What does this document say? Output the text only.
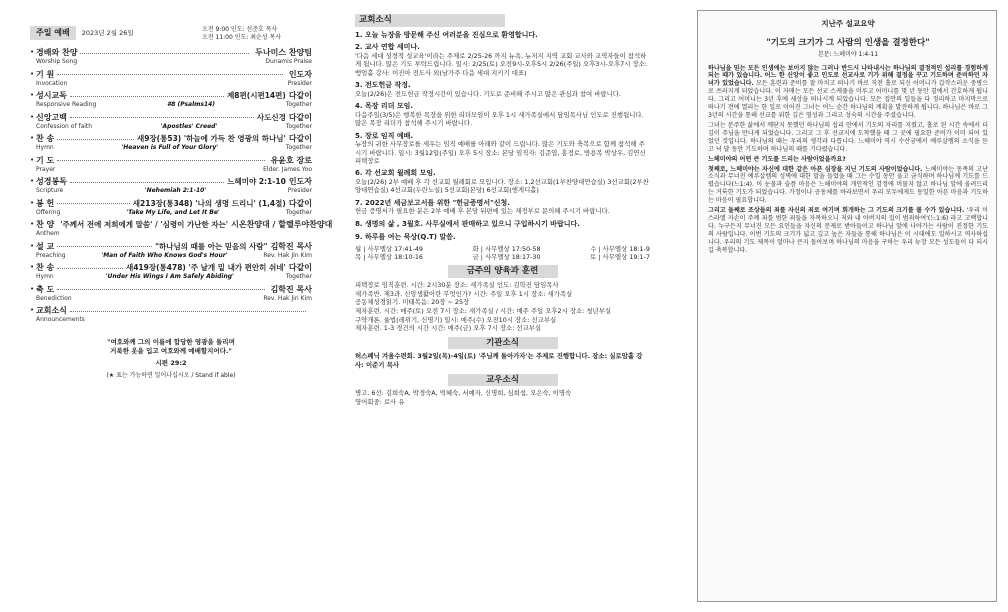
주일 예배	2023년 2월 26일	오전 9:00 인도: 선준호 목사
오전 11:00 인도: 최순성 목사
• 경배와 찬양	두나미스 찬양팀
Worship Song	Dunamis Praise
• 기 원	인도자
Invocation	Presider
• 성시교독	제8편(시편14편) 다같이
Responsive Reading	#8 (Psalms14)	Together
• 신앙고백	사도신경 다같이
Confession of faith	'Apostles' Creed'	Together
• 찬 송	새9장(통53) '하늘에 가득 찬 영광의 하나님' 다같이
Hymn	'Heaven is Full of Your Glory'	Together
• 기 도	유윤호 장로
Prayer	Elder. James Yoo
• 성경봉독	느헤미야 2:1-10 인도자
Scripture	'Nehemiah 2:1-10'	Presider
• 봉 헌	새213장(통348) '나의 생명 드리니' (1,4절) 다같이
Offering	'Take My Life, and Let It Be'	Together
• 찬 양 '주께서 전에 저희에게 말씀' / '심령이 가난한 자는' 시온찬양대 / 할렐루야찬양대
Anthem
• 설 교	"하나님의 때를 아는 믿음의 사람" 김학진 목사
Preaching	'Man of Faith Who Knows God's Hour'	Rev. Hak Jin Kim
• 찬 송	새419장(통478) '주 날개 밑 내가 편안히 쉬네' 다같이
Hymn	'Under His Wings I Am Safely Abiding'	Together
• 축 도	김학진 목사
Benediction	Rev. Hak Jin Kim
• 교회소식
Announcements
"여호와께 그의 이름에 합당한 영광을 돌리며
거룩한 옷을 입고 여호와께 예배할지어다."
시편 29:2
(★ 표는 가능하면 일어나십시오 / Stand if able)
교회소식
1. 오늘 뉴장을 방문해 주신 여러분을 진심으로 환영합니다.
2. 교사 연합 세미나.
'다음 세대 성경적 성교육'이라는 주제로 2/25-26 까지 뉴욕, 뉴저지 지역 교회 교사와 교역자들이 참석하게 됩니다. 많은 기도 부탁드립니다. 일시: 2/25(토) 오전9시-오후5시 2/26(주일) 오후3시-오후7시 장소: 뱅엄홀 강사: 이진아 전도사 외(남가주 다음 세대 지키기 대표)
3. 전도헌금 작정.
오늘(2/26)은 전도헌금 작정시간이 있습니다. 기도로 준비해 주시고 많은 관심과 참여 바랍니다.
4. 목장 리더 모임.
다음주일(3/5)은 행복한 목장을 위한 리더모임이 오후 1시 새가족실에서 담임목사님 인도로 진행됩니다. 많은 목장 리더가 참석해 주시기 바랍니다.
5. 장로 임직 예배.
뉴장의 귀한 사무장로를 세우는 임직 예배를 아래와 같이 드립니다. 많은 기도와 축복으로 함께 참석해 주시기 바랍니다. 일시: 3월12일(주일) 오후 5시 장소: 본당 임직자: 김준엽, 홍정로, 방용복 박상우, 김연신 피택장로
6. 각 선교회 월례회 모임.
오늘(2/26) 2부 예배 후 각 선교회 월례회로 모입니다. 장소: 1,2선교회(1부찬양대연습실) 3선교회(2부찬양대연습실) 4선교회(두란노실) 5선교회(본당) 6선교회(엔게디홀)
7. 2022년 세금보고서를 위한 "헌금증명서"신청.
헌금 증명서가 필요한 분은 2부 예배 후 본당 뒤편에 있는 재정부로 문의해 주시기 바랍니다.
8. 생명의 삶 , 3월호. 사무실에서 판매하고 있으니 구입하시기 바랍니다.
9. 하루를 여는 묵상(Q.T) 말씀.
월 | 사무엘상 17:41-49	화 | 사무엘상 17:50-58	수 | 사무엘상 18:1-9
목 | 사무엘상 18:10-16	금 | 사무엘상 18:17-30	토 | 사무엘상 19:1-7
금주의 양육과 훈련
피택장로 임직훈련. 시간: 2시30분 장소: 새가족실 인도: 김학진 담임목사
새가족반. 제3과. 신앙생활이란 무엇인가? 시간: 주일 오후 1시 장소: 새가족실
공동체성경읽기. 미태복음: 20장 ~ 25장
제자훈련. 시간: 매주(토) 오전 7시 장소: 새가족실 / 시간: 매주 주일 오후2시 장소: 청년부실
구약개론. 율법(레위기, 신명기) 일시: 매주(수) 오전10시 장소: 선교부실
제자훈련. 1-3 경건의 시간 시간: 매주(금) 오후 7시 장소: 선교부실
기관소식
허스폐닉 겨울수련회. 3월2일(목)-4일(토) '주님께 돌아가자'는 주제로 진행합니다. 장소: 실로암홀 강사: 이준기 목사
교우소식
병고. 6선: 김희숙A, 박경숙A, 빅혜숙, 서예자, 신명희, 심희섭, 오은숙, 이명숙
영어회중: 로사 유
지난주 설교요약
"기도의 크기가 그 사람의 인생을 결정한다"
본문: 느헤미야 1:4-11

하나님을 믿는 모든 인생에는 보이지 않는 그러나 반드시 나타내시는 하나님의 결정적인 섭리를 경험하게 되는 때가 있습니다. 어느 한 신앙이 좋고 인도로 선교사로 기가 위해 결정을 꾸고 기도하며 준비하던 자녀가 있었습니다. 모든 훈련과 준비를 잘 마치고 떠나기 바로 직전 홀로 되신 어머니가 갑작스러운 중병으로 쓰러지게 되었습니다. 이 자매는 모든 선교 스케쥴을 미루고 어머니를 몇 년 동안 곁에서 간호하게 됩니다. 그리고 어머니는 3년 후에 세상을 떠나시게 되었습니다. 모든 집안의 일들을 다 정리하고 마지막으로 떠나기 전에 열리는 한 일로 이어진 그녀는 어느 순간 하나님의 계획을 발견하게 됩니다. 하나님은 바로 그 3년의 시간을 통해 선교를 위한 깊은 영성과 그리고 성숙의 시간을 주셨습니다.

그녀는 분주한 삶에서 깨닫지 못했던 하나님의 섭리 안에서 기도의 자리를 지켰고, 홀로 된 시간 속에서 더 깊이 주님을 만나게 되었습니다. 그리고 그 후 선교지에 도착했을 때 그 곳에 필요한 준비가 이미 되어 있었던 것입니다. 하나님의 때는 우리의 생각과 다릅니다. 느헤미야 역시 수산궁에서 예루살렘의 소식을 듣고 넉 달 동안 기도하며 하나님의 때를 기다렸습니다.

느헤미야의 어떤 큰 기도를 드리는 사람이었을까요?

첫째로, 느헤미야는 자신에 대한 같은 아픈 심장을 지닌 기도의 사람이었습니다. 느헤미야는 동족의 고난 소식과 무너진 예루살렘의 성벽에 대한 말을 들었을 때 그는 수일 동안 울고 금식하며 하나님께 기도를 드렸습니다(느1:4). 이 눈물과 슬픔 마음은 느헤미야의 개인적인 감정에 머물지 않고 하나님 앞에 올려드리는 거룩한 기도가 되었습니다. 가정이나 공동체를 바라보면서 우리 모두에게도 동일한 아픈 마음과 기도하는 마음이 필요합니다.

그리고 둘째로 조상들의 죄를 자신의 죄로 여기며 회개하는 그 기도의 크기를 볼 수가 있습니다. '우리 이스라엘 자손이 주께 죄를 범한 죄들을 자복하오니 저와 내 아버지의 집이 범죄하여'(느1:6) 라고 고백합니다. 누구든지 무너진 모든 요인들을 자신의 문제로 받아들이고 하나님 앞에 나아가는 사람이 진정한 기도의 사람입니다. 이번 기도의 크기가 넓고 깊고 높은 자들을 통해 하나님은 이 시대에도 일하시고 역사하십니다. 우리의 기도 제목이 얼마나 큰지 돌아보며 하나님의 마음을 구하는 우리 뉴장 모든 성도들이 다 되시길 축복합니다.
